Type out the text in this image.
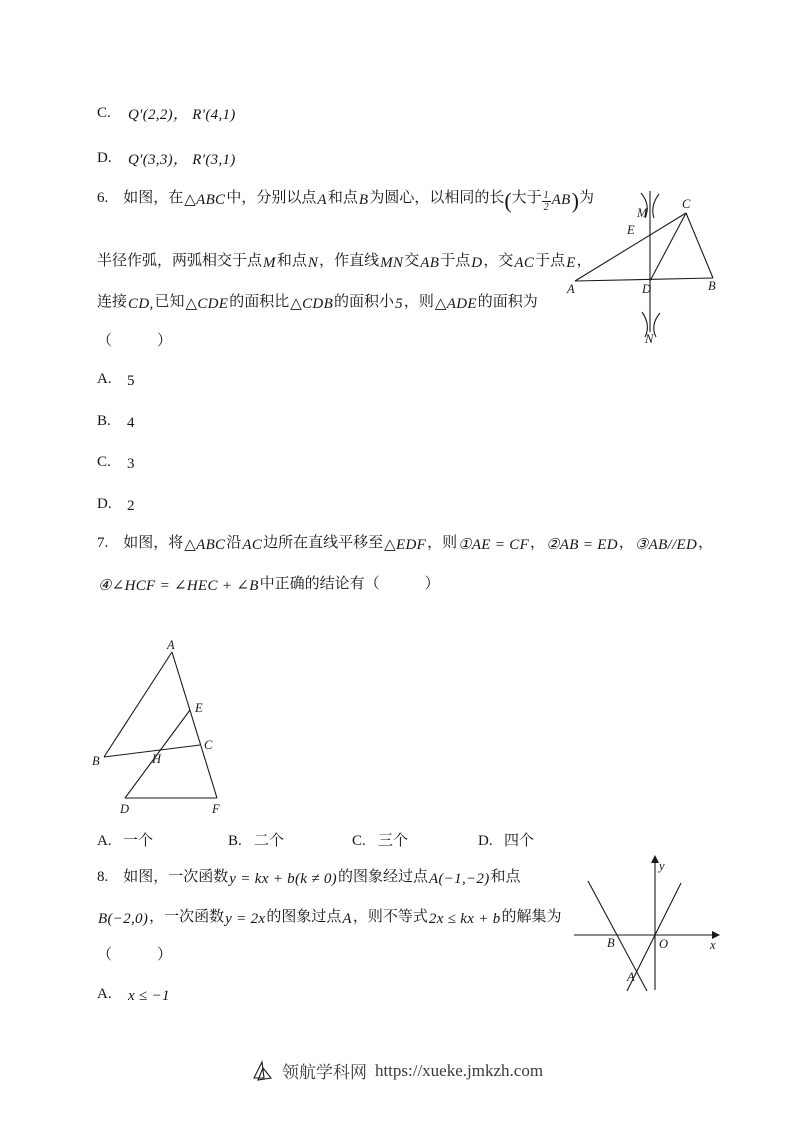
C. Q′(2,2)， R′(4,1)
D. Q′(3,3)， R′(3,1)
6.　如图，在△ABC中，分别以点A和点B为圆心，以相同的长(大于 $\frac{1}{2} AB$)为
半径作弧，两弧相交于点M和点N，作直线MN交AB于点D，交AC于点E，
连接CD,已知△CDE的面积比△CDB的面积小5，则△ADE的面积为
（　　　）
A. 5
B. 4
C. 3
D. 2
A	B
C
D
E
M
N
7.　如图，将△ABC沿AC边所在直线平移至△EDF，则①AE = CF，②AB = ED，③AB//ED，
④∠HCF = ∠HEC + ∠B中正确的结论有（　　　）
A
B
C
D
E
F
H
A. 一个	B. 二个	C. 三个	D. 四个
8.　如图，一次函数y = kx + b(k ≠ 0)的图象经过点A(−1,−2)和点
B(−2,0)，一次函数y = 2x的图象过点A，则不等式2x ≤ kx + b的解集为
（　　　）
A. x ≤ −1
x
y
O
A
B
领航学科网 https://xueke.jmkzh.com
